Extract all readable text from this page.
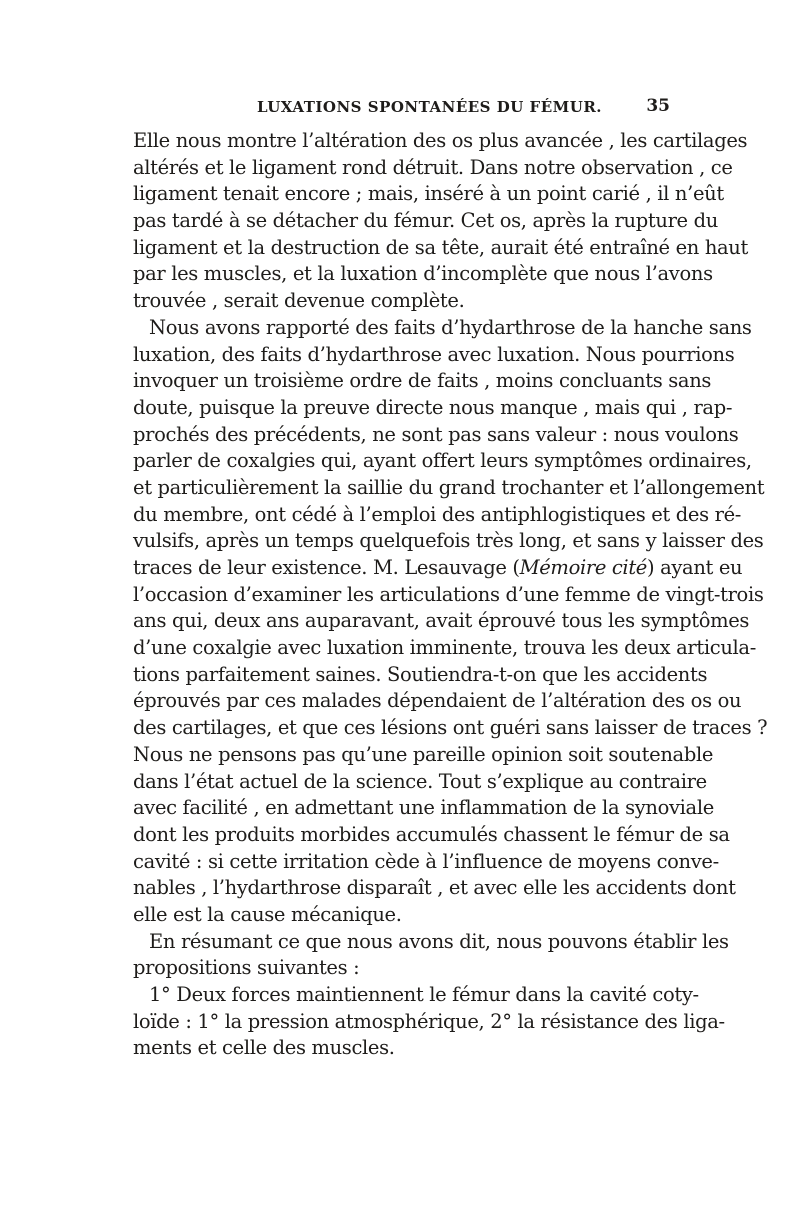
LUXATIONS SPONTANÉES DU FÉMUR.	35
Elle nous montre l’altération des os plus avancée , les cartilages
altérés et le ligament rond détruit. Dans notre observation , ce
ligament tenait encore ; mais, inséré à un point carié , il n’eût
pas tardé à se détacher du fémur. Cet os, après la rupture du
ligament et la destruction de sa tête, aurait été entraîné en haut
par les muscles, et la luxation d’incomplète que nous l’avons
trouvée , serait devenue complète.
Nous avons rapporté des faits d’hydarthrose de la hanche sans
luxation, des faits d’hydarthrose avec luxation. Nous pourrions
invoquer un troisième ordre de faits , moins concluants sans
doute, puisque la preuve directe nous manque , mais qui , rap-
prochés des précédents, ne sont pas sans valeur : nous voulons
parler de coxalgies qui, ayant offert leurs symptômes ordinaires,
et particulièrement la saillie du grand trochanter et l’allongement
du membre, ont cédé à l’emploi des antiphlogistiques et des ré-
vulsifs, après un temps quelquefois très long, et sans y laisser des
traces de leur existence. M. Lesauvage (Mémoire cité) ayant eu
l’occasion d’examiner les articulations d’une femme de vingt-trois
ans qui, deux ans auparavant, avait éprouvé tous les symptômes
d’une coxalgie avec luxation imminente, trouva les deux articula-
tions parfaitement saines. Soutiendra-t-on que les accidents
éprouvés par ces malades dépendaient de l’altération des os ou
des cartilages, et que ces lésions ont guéri sans laisser de traces ?
Nous ne pensons pas qu’une pareille opinion soit soutenable
dans l’état actuel de la science. Tout s’explique au contraire
avec facilité , en admettant une inflammation de la synoviale
dont les produits morbides accumulés chassent le fémur de sa
cavité : si cette irritation cède à l’influence de moyens conve-
nables , l’hydarthrose disparaît , et avec elle les accidents dont
elle est la cause mécanique.
En résumant ce que nous avons dit, nous pouvons établir les
propositions suivantes :
1° Deux forces maintiennent le fémur dans la cavité coty-
loïde : 1° la pression atmosphérique, 2° la résistance des liga-
ments et celle des muscles.
